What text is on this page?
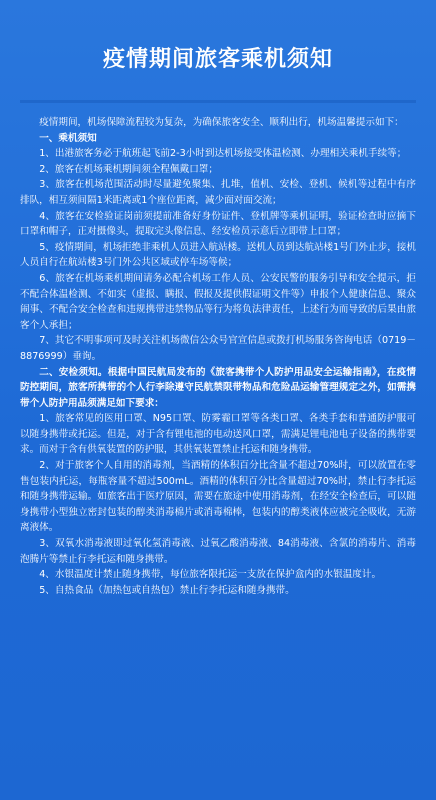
疫情期间旅客乘机须知

疫情期间，机场保障流程较为复杂，为确保旅客安全、顺利出行，机场温馨提示如下：

一、乘机须知

1、出港旅客务必于航班起飞前2-3小时到达机场接受体温检测、办理相关乘机手续等；

2、旅客在机场乘机期间须全程佩戴口罩；

3、旅客在机场范围活动时尽量避免聚集、扎堆，值机、安检、登机、候机等过程中有序排队，相互须间隔1米距离或1个座位距离，减少面对面交流；

4、旅客在安检验证岗前须提前准备好身份证件、登机牌等乘机证明，验证检查时应摘下口罩和帽子，正对摄像头，提取完头像信息、经安检员示意后立即带上口罩；

5、疫情期间，机场拒绝非乘机人员进入航站楼。送机人员到达航站楼1号门外止步，接机人员自行在航站楼3号门外公共区域或停车场等候；

6、旅客在机场乘机期间请务必配合机场工作人员、公安民警的服务引导和安全提示，拒不配合体温检测、不如实（虚报、瞒报、假报及提供假证明文件等）申报个人健康信息、聚众闹事、不配合安全检查和违规携带违禁物品等行为将负法律责任，上述行为而导致的后果由旅客个人承担；

7、其它不明事项可及时关注机场微信公众号官宣信息或拨打机场服务咨询电话（0719－8876999）垂询。

二、安检须知。根据中国民航局发布的《旅客携带个人防护用品安全运输指南》，在疫情防控期间，旅客所携带的个人行李除遵守民航禁限带物品和危险品运输管理规定之外，如需携带个人防护用品须满足如下要求：

1、旅客常见的医用口罩、N95口罩、防雾霾口罩等各类口罩、各类手套和普通防护服可以随身携带或托运。但是，对于含有锂电池的电动送风口罩，需满足锂电池电子设备的携带要求。而对于含有供氧装置的防护服，其供氧装置禁止托运和随身携带。

2、对于旅客个人自用的消毒剂，当酒精的体积百分比含量不超过70%时，可以放置在零售包装内托运，每瓶容量不超过500mL。酒精的体积百分比含量超过70%时，禁止行李托运和随身携带运输。如旅客出于医疗原因，需要在旅途中使用消毒剂，在经安全检查后，可以随身携带小型独立密封包装的醇类消毒棉片或消毒棉棒，包装内的醇类液体应被完全吸收，无游离液体。

3、双氧水消毒液即过氧化氢消毒液、过氧乙酸消毒液、84消毒液、含氯的消毒片、消毒泡腾片等禁止行李托运和随身携带。

4、水银温度计禁止随身携带，每位旅客限托运一支放在保护盒内的水银温度计。

5、自热食品（加热包或自热包）禁止行李托运和随身携带。
